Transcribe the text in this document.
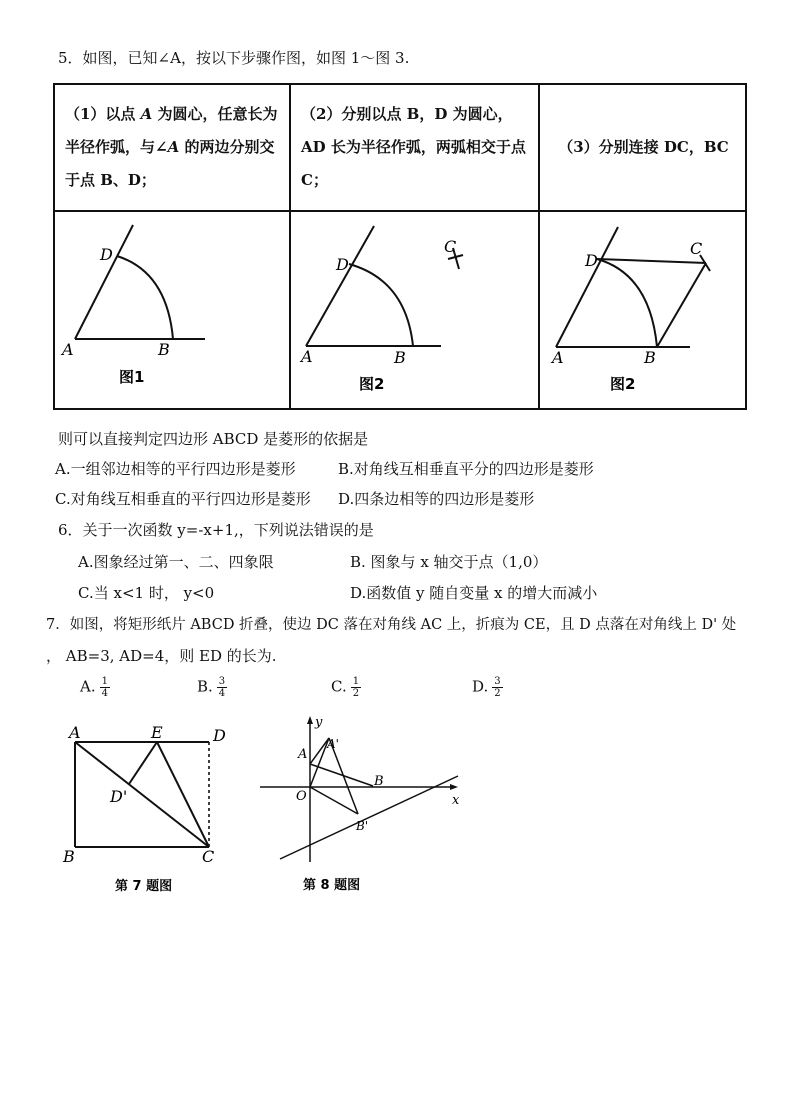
5．如图，已知∠A，按以下步骤作图，如图 1～图 3.
（1）以点 A 为圆心，任意长为半径作弧，与∠A 的两边分别交于点 B、D；	（2）分别以点 B，D 为圆心，AD 长为半径作弧，两弧相交于点 C；	（3）分别连接 DC，BC

D
A B
图1	D
C
A B
图2	D
C
A B
图2
则可以直接判定四边形 ABCD 是菱形的依据是
A.一组邻边相等的平行四边形是菱形	B.对角线互相垂直平分的四边形是菱形
C.对角线互相垂直的平行四边形是菱形 D.四条边相等的四边形是菱形
6．关于一次函数 y=-x+1,，下列说法错误的是
A.图象经过第一、二、四象限	B. 图象与 x 轴交于点（1,0）
C.当 x<1 时， y<0	D.函数值 y 随自变量 x 的增大而减小
7．如图，将矩形纸片 ABCD 折叠，使边 DC 落在对角线 AC 上，折痕为 CE，且 D 点落在对角线上 D' 处
， AB=3, AD=4，则 ED 的长为.
A. $\frac{1}{4}$	B. $\frac{3}{4}$	C. $\frac{1}{2}$	D. $\frac{3}{2}$
A	E	D
D'
B	C
第 7 题图
y
x
O
A
A'
B
B'
第 8 题图
